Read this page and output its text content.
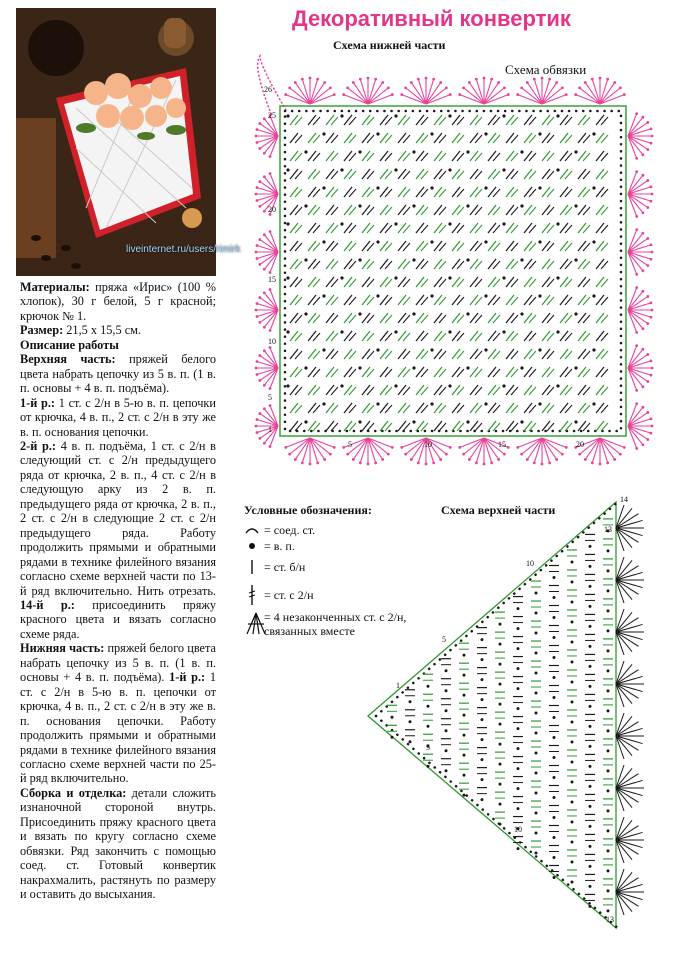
liveinternet.ru/users/rimirk
Декоративный конвертик
Схема нижней части
Схема обвязки
26
25
20
15
10
5
1
5	10	15	20

Материалы: пряжа «Ирис» (100 % хлопок), 30 г белой, 5 г красной; крючок № 1.

Размер: 21,5 х 15,5 см.

Описание работы

Верхняя часть: пряжей белого цвета набрать цепочку из 5 в. п. (1 в. п. основы + 4 в. п. подъёма).

1-й р.: 1 ст. с 2/н в 5-ю в. п. цепочки от крючка, 4 в. п., 2 ст. с 2/н в эту же в. п. основания цепочки.

2-й р.: 4 в. п. подъёма, 1 ст. с 2/н в следующий ст. с 2/н предыдущего ряда от крючка, 2 в. п., 4 ст. с 2/н в следующую арку из 2 в. п. предыдущего ряда от крючка, 2 в. п., 2 ст. с 2/н в следующие 2 ст. с 2/н предыдущего ряда. Работу продолжить прямыми и обратными рядами в технике филейного вязания согласно схеме верхней части по 13-й ряд включительно. Нить отрезать. 14-й р.: присоединить пряжу красного цвета и вязать согласно схеме ряда.

Нижняя часть: пряжей белого цвета набрать цепочку из 5 в. п. (1 в. п. основы + 4 в. п. подъёма). 1-й р.: 1 ст. с 2/н в 5-ю в. п. цепочки от крючка, 4 в. п., 2 ст. с 2/н в эту же в. п. основания цепочки. Работу продолжить прямыми и обратными рядами в технике филейного вязания согласно схеме верхней части по 25-й ряд включительно.

Сборка и отделка: детали сложить изнаночной стороной внутрь. Присоединить пряжу красного цвета и вязать по кругу согласно схеме обвязки. Ряд закончить с помощью соед. ст. Готовый конвертик накрахмалить, растянуть по размеру и оставить до высыхания.

Условные обозначения:
= соед. ст.
= в. п.
= ст. б/н
= ст. с 2/н
= 4 незаконченных ст. с 2/н, связанных вместе
Схема верхней части
14
13
10
5
1
5
10
13
